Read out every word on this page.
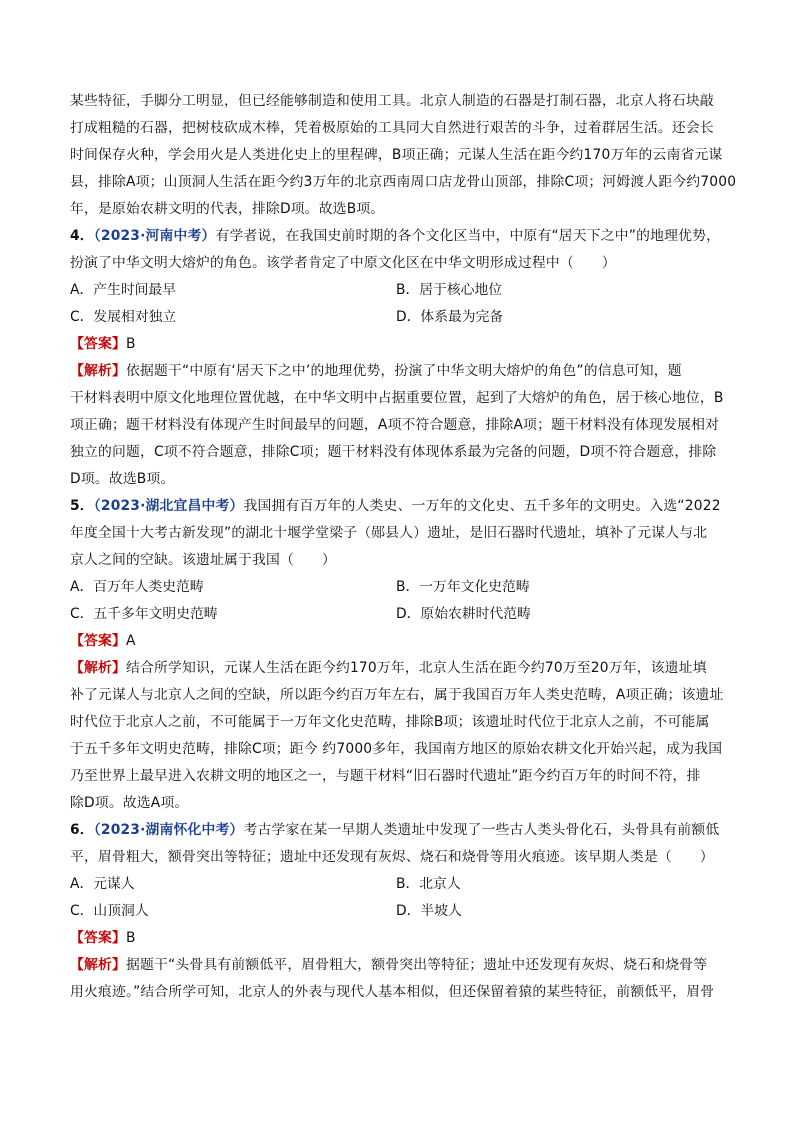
某些特征，手脚分工明显，但已经能够制造和使用工具。北京人制造的石器是打制石器，北京人将石块敲
打成粗糙的石器，把树枝砍成木棒，凭着极原始的工具同大自然进行艰苦的斗争，过着群居生活。还会长
时间保存火种，学会用火是人类进化史上的里程碑，B项正确；元谋人生活在距今约170万年的云南省元谋
县，排除A项；山顶洞人生活在距今约3万年的北京西南周口店龙骨山顶部，排除C项；河姆渡人距今约7000
年，是原始农耕文明的代表，排除D项。故选B项。
4．（2023·河南中考）有学者说，在我国史前时期的各个文化区当中，中原有“居天下之中”的地理优势，
扮演了中华文明大熔炉的角色。该学者肯定了中原文化区在中华文明形成过程中（　　）
A．产生时间最早	B．居于核心地位
C．发展相对独立	D．体系最为完备
【答案】B
【解析】依据题干“中原有‘居天下之中’的地理优势，扮演了中华文明大熔炉的角色”的信息可知，题
干材料表明中原文化地理位置优越，在中华文明中占据重要位置，起到了大熔炉的角色，居于核心地位，B
项正确；题干材料没有体现产生时间最早的问题，A项不符合题意，排除A项；题干材料没有体现发展相对
独立的问题，C项不符合题意，排除C项；题干材料没有体现体系最为完备的问题，D项不符合题意，排除
D项。故选B项。
5．（2023·湖北宜昌中考）我国拥有百万年的人类史、一万年的文化史、五千多年的文明史。入选“2022
年度全国十大考古新发现”的湖北十堰学堂梁子（郧县人）遗址，是旧石器时代遗址，填补了元谋人与北
京人之间的空缺。该遗址属于我国（　　）
A．百万年人类史范畴	B．一万年文化史范畴
C．五千多年文明史范畴	D．原始农耕时代范畴
【答案】A
【解析】结合所学知识，元谋人生活在距今约170万年，北京人生活在距今约70万至20万年，该遗址填
补了元谋人与北京人之间的空缺，所以距今约百万年左右，属于我国百万年人类史范畴，A项正确；该遗址
时代位于北京人之前，不可能属于一万年文化史范畴，排除B项；该遗址时代位于北京人之前，不可能属
于五千多年文明史范畴，排除C项；距今 约7000多年，我国南方地区的原始农耕文化开始兴起，成为我国
乃至世界上最早进入农耕文明的地区之一，与题干材料“旧石器时代遗址”距今约百万年的时间不符，排
除D项。故选A项。
6．（2023·湖南怀化中考）考古学家在某一早期人类遗址中发现了一些古人类头骨化石，头骨具有前额低
平，眉骨粗大，额骨突出等特征；遗址中还发现有灰烬、烧石和烧骨等用火痕迹。该早期人类是（　　）
A．元谋人	B．北京人
C．山顶洞人	D．半坡人
【答案】B
【解析】据题干“头骨具有前额低平，眉骨粗大，额骨突出等特征；遗址中还发现有灰烬、烧石和烧骨等
用火痕迹。”结合所学可知，北京人的外表与现代人基本相似，但还保留着猿的某些特征，前额低平，眉骨
